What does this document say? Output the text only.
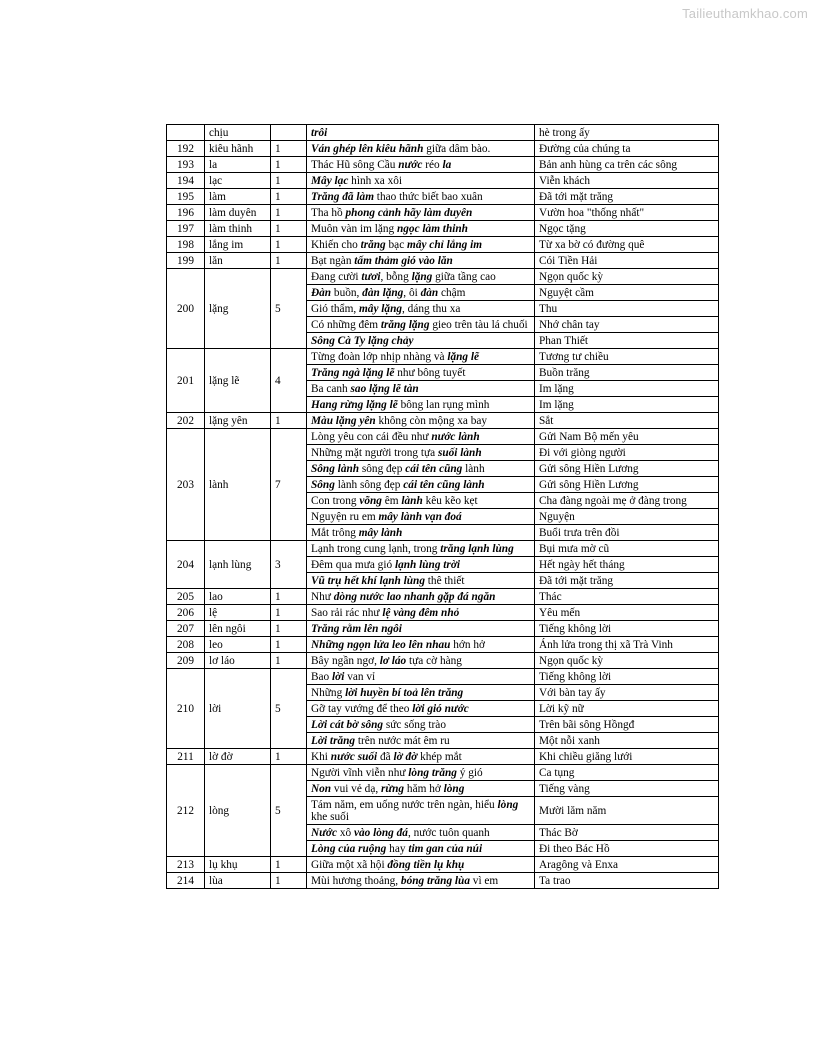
Tailieuthamkhao.com
	chịu		trôi	hè trong ấy
192	kiêu hãnh	1	Ván ghép lên kiêu hãnh giữa dâm bào.	Đường của chúng ta
193	la	1	Thác Hũ sông Cầu nước réo la	Bản anh hùng ca trên các sông
194	lạc	1	Mây lạc hình xa xôi	Viễn khách
195	làm	1	Trăng đã làm thao thức biết bao xuân	Đã tới mặt trăng
196	làm duyên	1	Tha hồ phong cảnh hãy làm duyên	Vườn hoa "thống nhất"
197	làm thinh	1	Muôn vàn im lặng ngọc làm thinh	Ngọc tặng
198	lắng im	1	Khiến cho trăng bạc mây chỉ lắng im	Từ xa bờ có đường quê
199	lăn	1	Bạt ngàn tấm thảm gió vào lăn	Cói Tiền Hải
200	lặng	5	Đang cười tươi, bỗng lặng giữa tầng cao	Ngọn quốc kỳ
			Đàn buồn, đàn lặng, ôi đàn chậm	Nguyệt cầm
			Gió thẩm, mây lặng, dáng thu xa	Thu
			Có những đêm trăng lặng gieo trên tàu lá chuối	Nhớ chân tay
			Sông Cà Ty lặng chảy	Phan Thiết
201	lặng lẽ	4	Từng đoàn lớp nhịp nhàng và lặng lẽ	Tương tư chiều
			Trăng ngà lặng lẽ như bông tuyết	Buồn trăng
			Ba canh sao lặng lẽ tàn	Im lặng
			Hang rừng lặng lẽ bông lan rụng mình	Im lặng
202	lặng yên	1	Màu lặng yên không còn mộng xa bay	Sắt
203	lành	7	Lòng yêu con cái đều như nước lành	Gửi Nam Bộ mến yêu
			Những mặt người trong tựa suối lành	Đi với giòng người
			Sông lành sông đẹp cái tên cũng lành	Gửi sông Hiền Lương
			Sông lành sông đẹp cái tên cũng lành	Gửi sông Hiền Lương
			Con trong võng êm lành kêu kẽo kẹt	Cha đàng ngoài mẹ ở đàng trong
			Nguyện ru em mây lành vạn đoá	Nguyện
			Mắt trông mây lành	Buổi trưa trên đồi
204	lạnh lùng	3	Lạnh trong cung lạnh, trong trăng lạnh lùng	Bụi mưa mờ cũ
			Đêm qua mưa gió lạnh lùng trời	Hết ngày hết tháng
			Vũ trụ hết khí lạnh lùng thê thiết	Đã tới mặt trăng
205	lao	1	Như dòng nước lao nhanh gặp đá ngăn	Thác
206	lệ	1	Sao rải rác như lệ vàng đêm nhỏ	Yêu mến
207	lên ngôi	1	Trăng rằm lên ngôi	Tiếng không lời
208	leo	1	Những ngọn lửa leo lên nhau hớn hở	Ánh lửa trong thị xã Trà Vinh
209	lơ láo	1	Bây ngần ngơ, lơ láo tựa cờ hàng	Ngọn quốc kỳ
210	lời	5	Bao lời van vỉ	Tiếng không lời
			Những lời huyền bí toả lên trăng	Với bàn tay ấy
			Gỡ tay vướng để theo lời gió nước	Lời kỹ nữ
			Lời cát bờ sông sức sống trào	Trên bãi sông Hồngđ
			Lời trăng trên nước mát êm ru	Một nỗi xanh
211	lờ đờ	1	Khi nước suối đã lờ đờ khép mắt	Khi chiều giăng lưới
212	lòng	5	Người vĩnh viễn như lòng trăng ý gió	Ca tụng
			Non vui vẻ dạ, rừng hăm hở lòng	Tiếng vàng
			Tám năm, em uống nước trên ngàn, hiểu lòng khe suối	Mười lăm năm
			Nước xô vào lòng đá, nước tuôn quanh	Thác Bờ
			Lòng của ruộng hay tim gan của núi	Đi theo Bác Hồ
213	lụ khụ	1	Giữa một xã hội đồng tiền lụ khụ	Aragông và Enxa
214	lùa	1	Mùi hương thoảng, bóng trăng lùa vì em	Ta trao
